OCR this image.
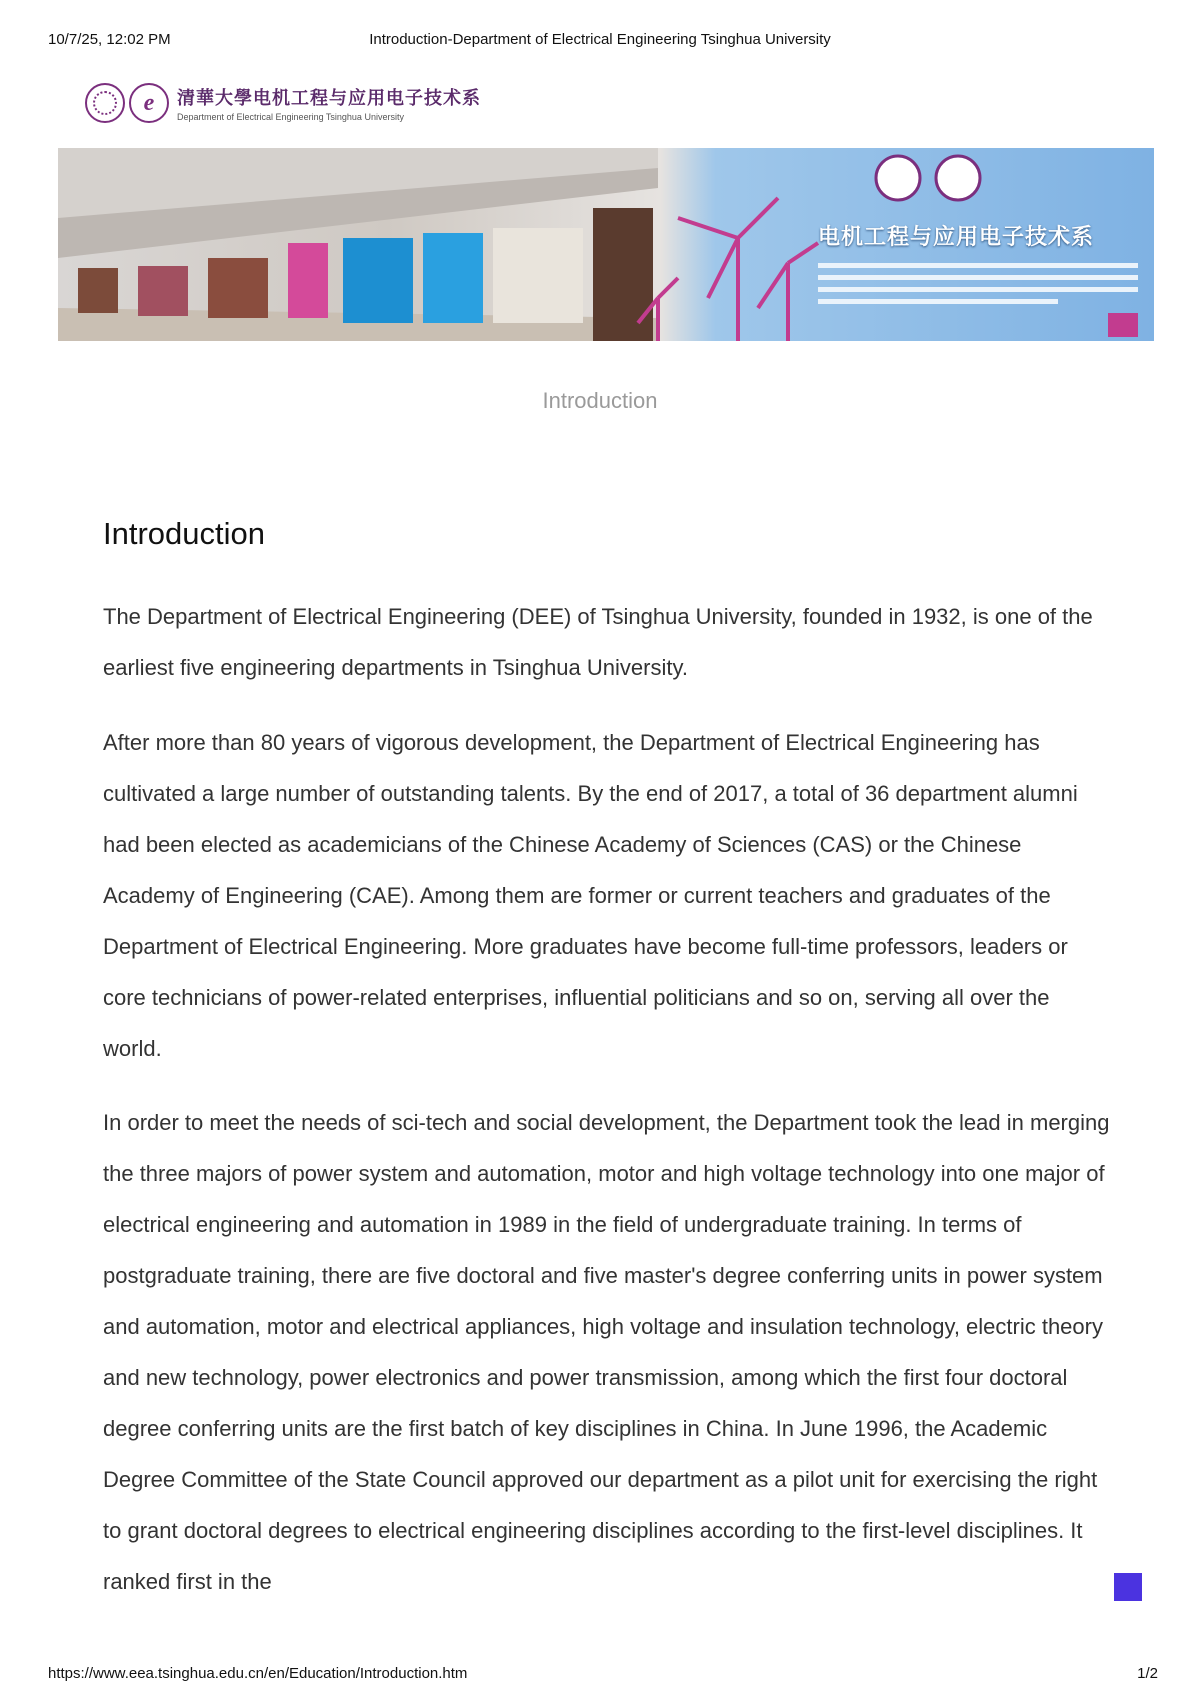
10/7/25, 12:02 PM	Introduction-Department of Electrical Engineering Tsinghua University
e	清華大學电机工程与应用电子技术系
Department of Electrical Engineering Tsinghua University
电机工程与应用电子技术系
Introduction
Introduction

The Department of Electrical Engineering (DEE) of Tsinghua University, founded in 1932, is one of the earliest five engineering departments in Tsinghua University.

After more than 80 years of vigorous development, the Department of Electrical Engineering has cultivated a large number of outstanding talents. By the end of 2017, a total of 36 department alumni had been elected as academicians of the Chinese Academy of Sciences (CAS) or the Chinese Academy of Engineering (CAE). Among them are former or current teachers and graduates of the Department of Electrical Engineering. More graduates have become full-time professors, leaders or core technicians of power-related enterprises, influential politicians and so on, serving all over the world.

In order to meet the needs of sci-tech and social development, the Department took the lead in merging the three majors of power system and automation, motor and high voltage technology into one major of electrical engineering and automation in 1989 in the field of undergraduate training. In terms of postgraduate training, there are five doctoral and five master's degree conferring units in power system and automation, motor and electrical appliances, high voltage and insulation technology, electric theory and new technology, power electronics and power transmission, among which the first four doctoral degree conferring units are the first batch of key disciplines in China. In June 1996, the Academic Degree Committee of the State Council approved our department as a pilot unit for exercising the right to grant doctoral degrees to electrical engineering disciplines according to the first-level disciplines. It ranked first in the

https://www.eea.tsinghua.edu.cn/en/Education/Introduction.htm	1/2
